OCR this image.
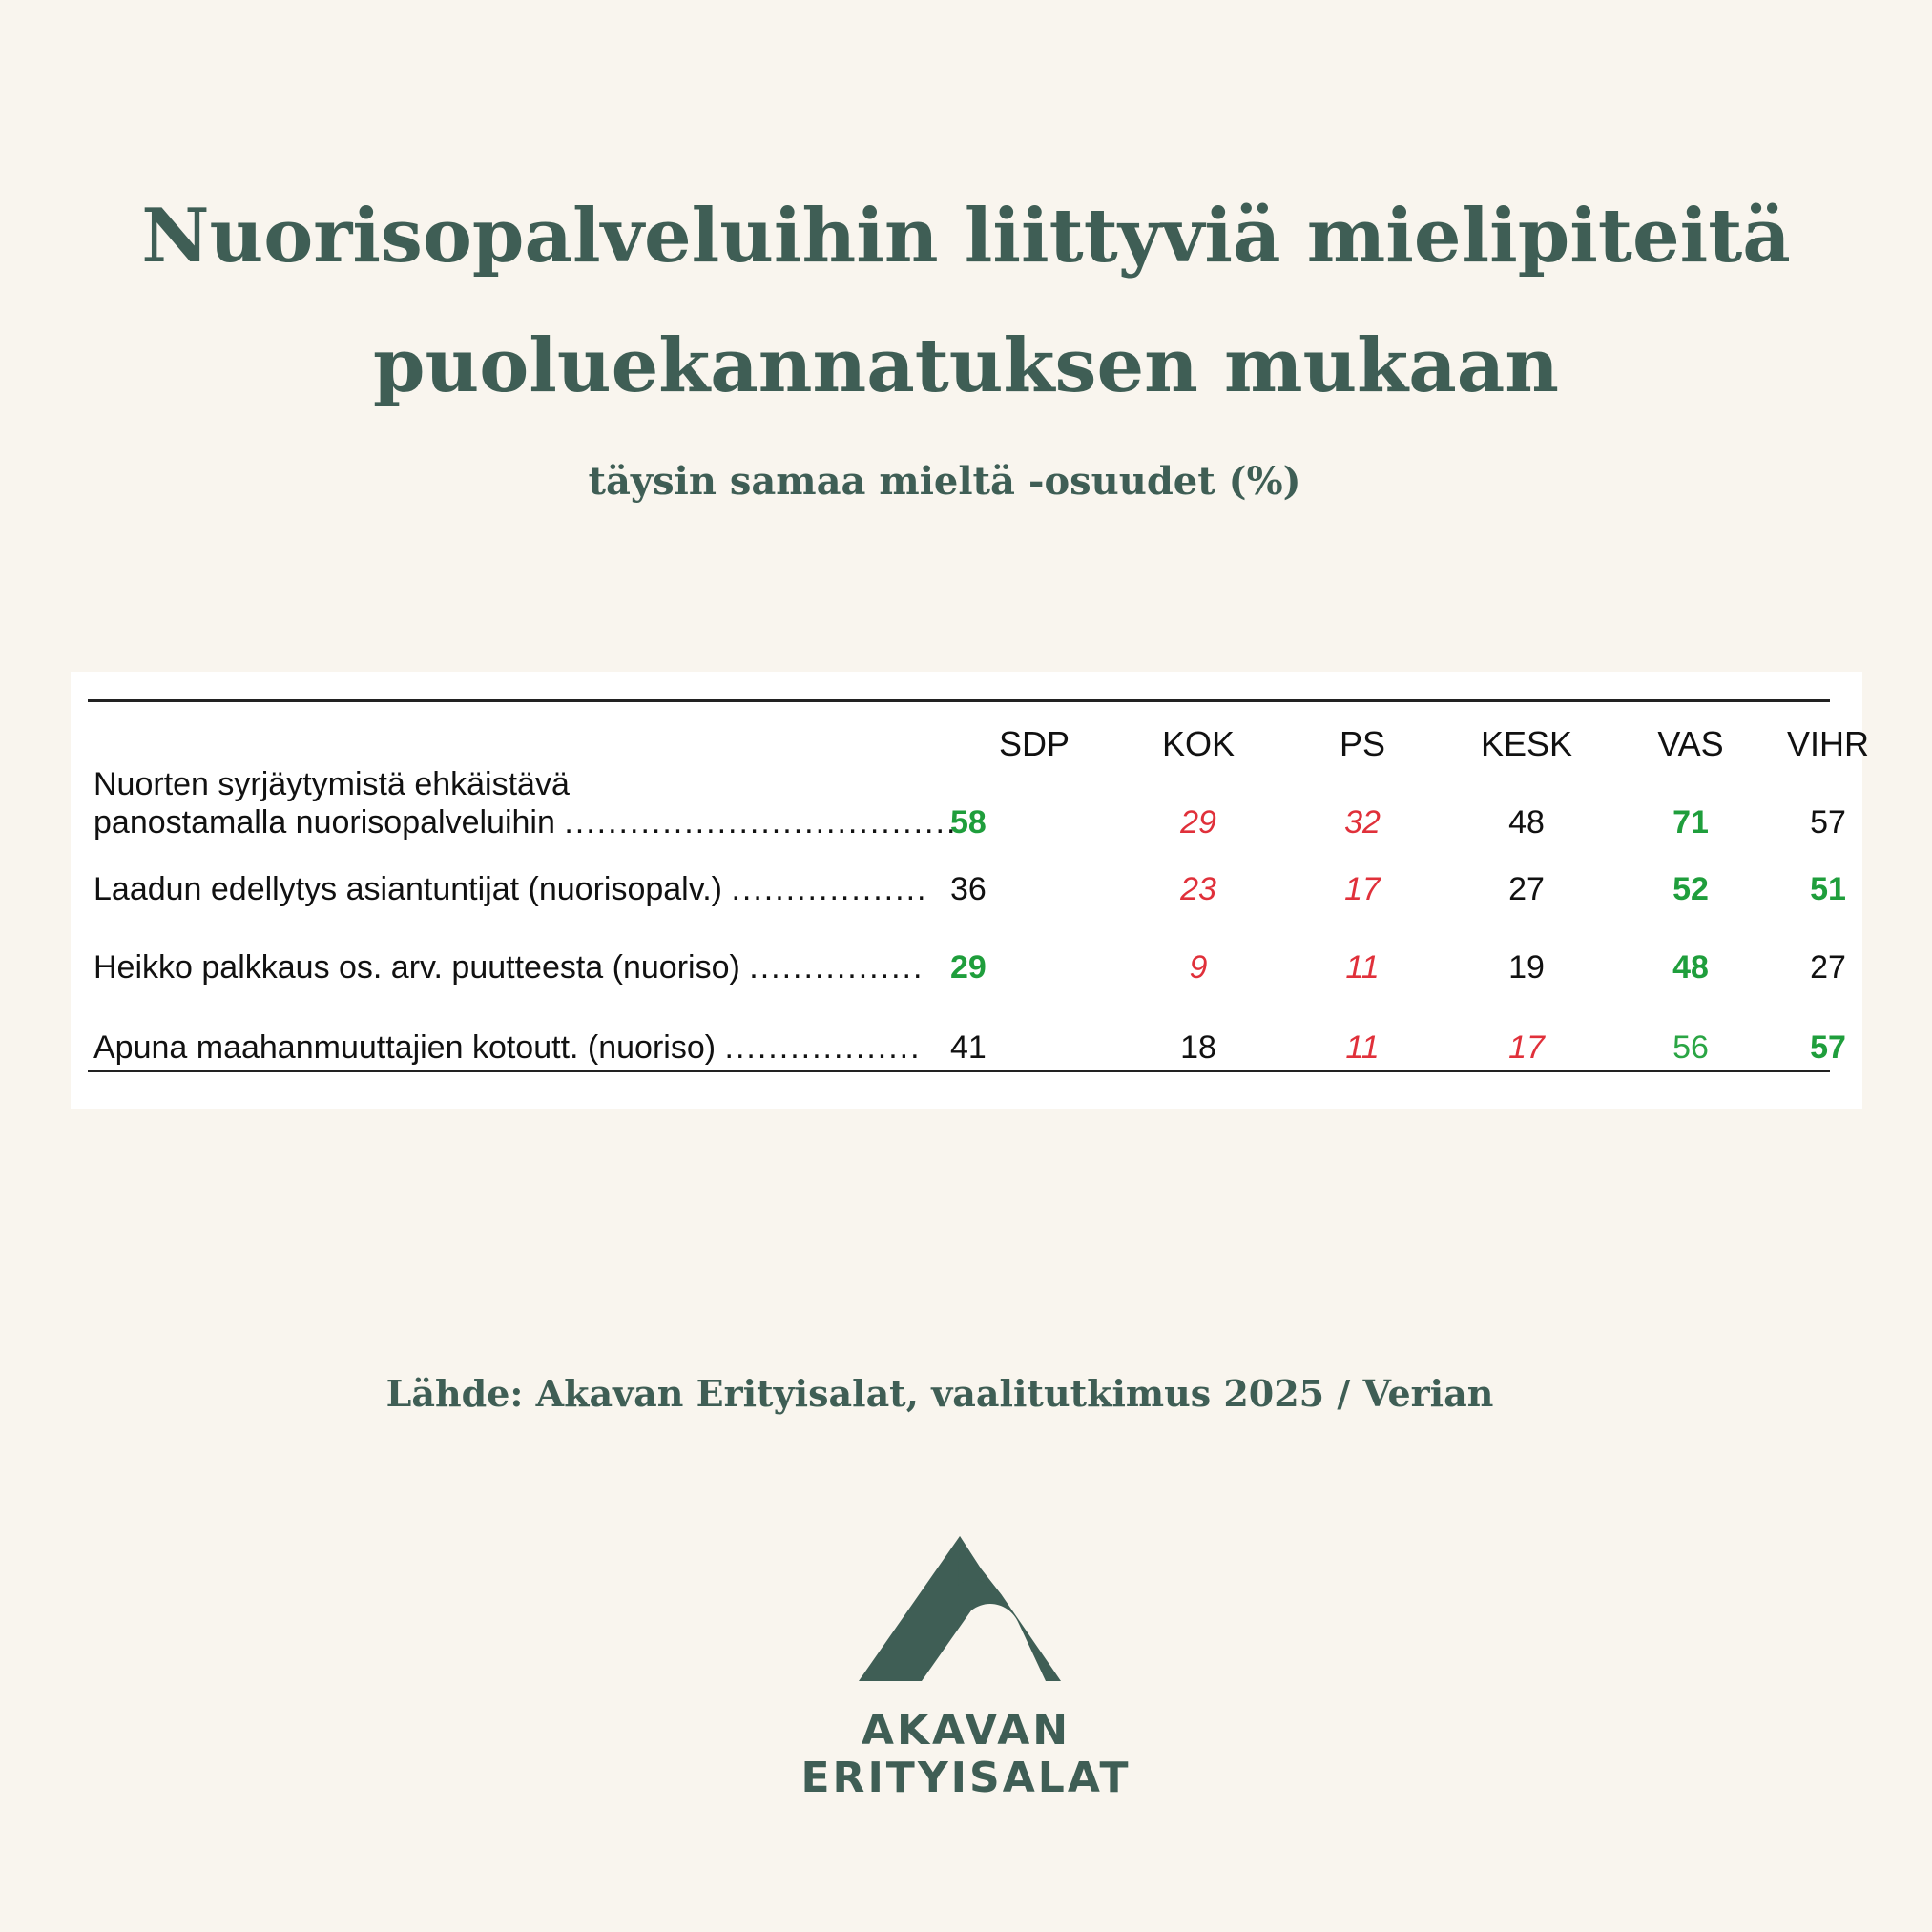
Nuorisopalveluihin liittyviä mielipiteitä
puoluekannatuksen mukaan
täysin samaa mieltä -osuudet (%)
SDP	KOK	PS	KESK	VAS	VIHR
Nuorten syrjäytymistä ehkäistävä
panostamalla nuorisopalveluihin ....................................
58	29	32	48	71	57
Laadun edellytys asiantuntijat (nuorisopalv.) .................. 36	23	17	27	52	51
Heikko palkkaus os. arv. puutteesta (nuoriso) ................ 29	9	11	19	48	27
Apuna maahanmuuttajien kotoutt. (nuoriso) .................. 41	18	11	17	56	57
Lähde: Akavan Erityisalat, vaalitutkimus 2025 / Verian
AKAVAN
ERITYISALAT
